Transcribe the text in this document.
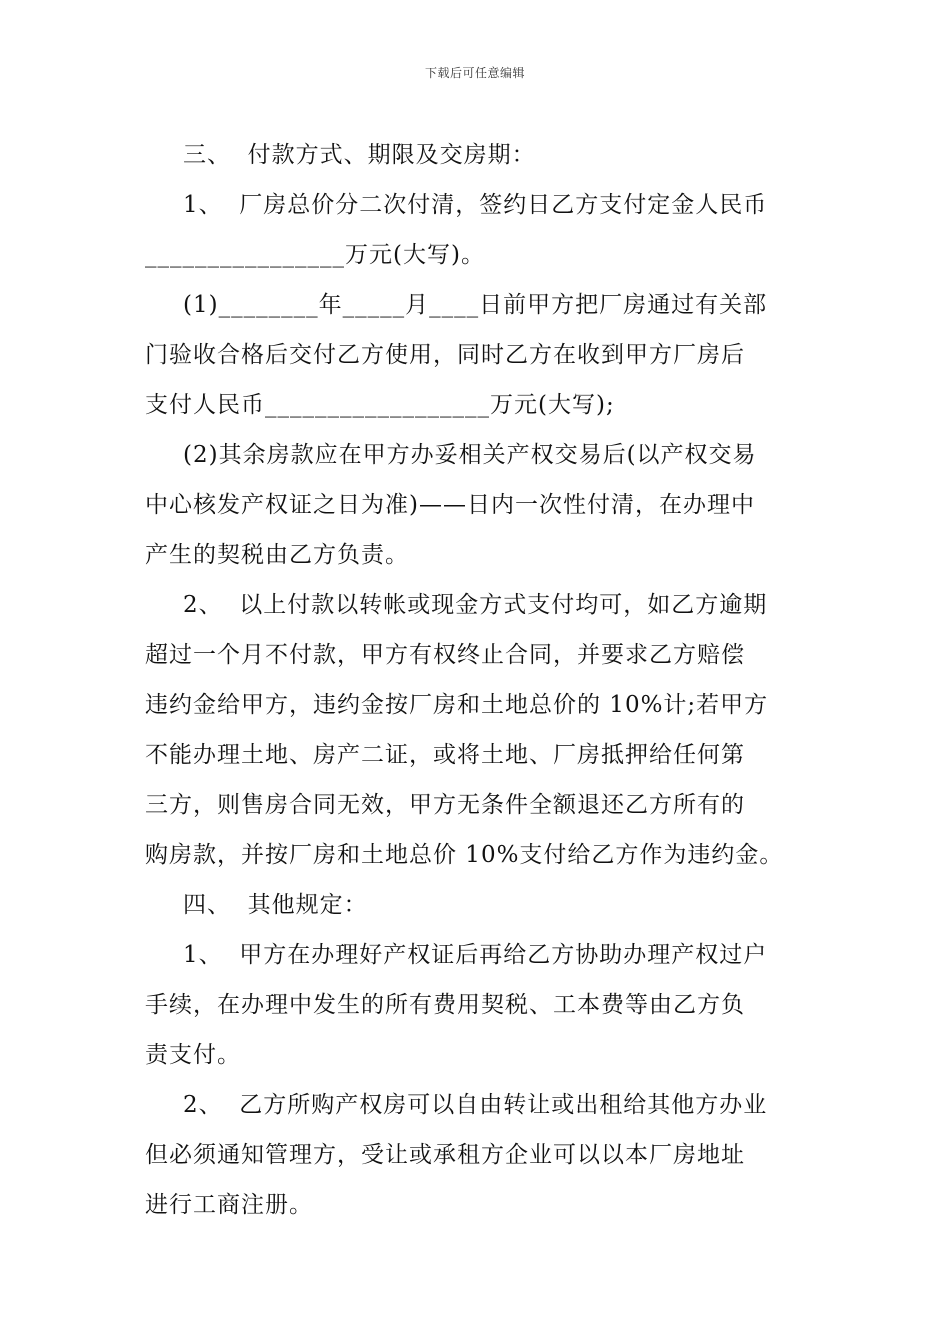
下载后可任意编辑
三、  付款方式、期限及交房期：
1、  厂房总价分二次付清，签约日乙方支付定金人民币
________________万元(大写)。
(1)________年_____月____日前甲方把厂房通过有关部
门验收合格后交付乙方使用，同时乙方在收到甲方厂房后
支付人民币__________________万元(大写);
(2)其余房款应在甲方办妥相关产权交易后(以产权交易
中心核发产权证之日为准)——日内一次性付清，在办理中
产生的契税由乙方负责。
2、  以上付款以转帐或现金方式支付均可，如乙方逾期
超过一个月不付款，甲方有权终止合同，并要求乙方赔偿
违约金给甲方，违约金按厂房和土地总价的 10%计;若甲方
不能办理土地、房产二证，或将土地、厂房抵押给任何第
三方，则售房合同无效，甲方无条件全额退还乙方所有的
购房款，并按厂房和土地总价 10%支付给乙方作为违约金。
四、  其他规定：
1、  甲方在办理好产权证后再给乙方协助办理产权过户
手续，在办理中发生的所有费用契税、工本费等由乙方负
责支付。
2、  乙方所购产权房可以自由转让或出租给其他方办业
但必须通知管理方，受让或承租方企业可以以本厂房地址
进行工商注册。
